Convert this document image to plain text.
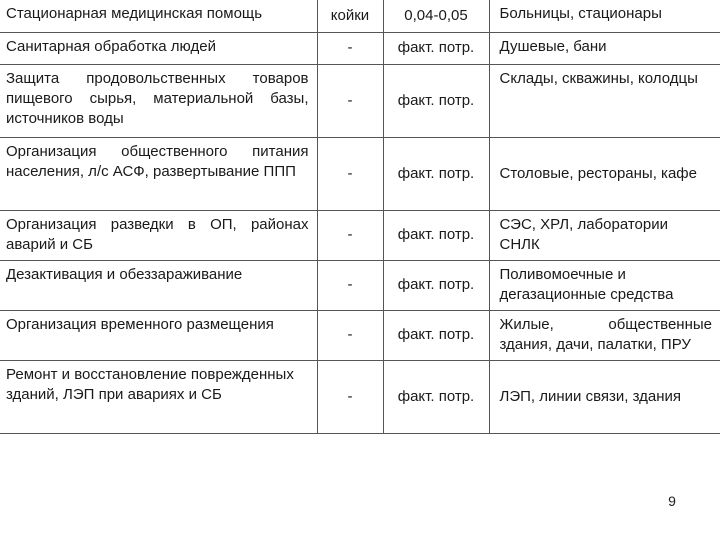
Стационарная медицинская помощь	койки	0,04-0,05	Больницы, стационары
Санитарная обработка людей	-	факт. потр.	Душевые, бани
Защита продовольственных товаров пищевого сырья, материальной базы, источников воды	-	факт. потр.	Склады, скважины, колодцы
Организация общественного питания населения, л/с АСФ, развертывание ППП	-	факт. потр.	Столовые, рестораны, кафе
Организация разведки в ОП, районах аварий и СБ	-	факт. потр.	СЭС, ХРЛ, лаборатории СНЛК
Дезактивация и обеззараживание	-	факт. потр.	Поливомоечные и дегазационные средства
Организация временного размещения	-	факт. потр.	Жилые, общественные здания, дачи, палатки, ПРУ
Ремонт и восстановление поврежденных зданий, ЛЭП при авариях и СБ	-	факт. потр.	ЛЭП, линии связи, здания
9
